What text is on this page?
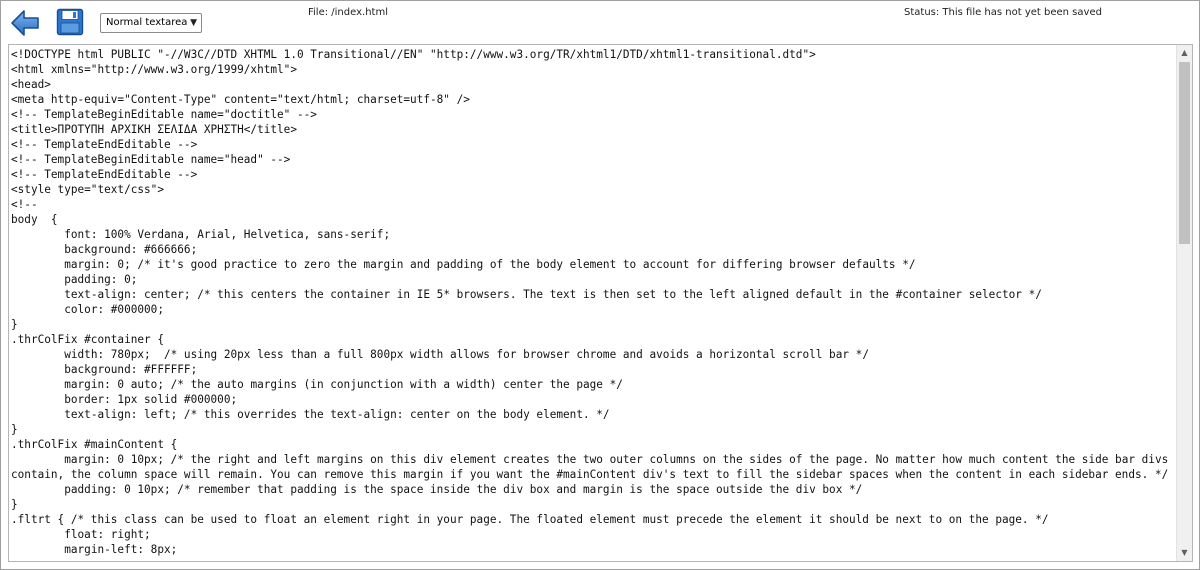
Normal textarea ▼
File: /index.html	Status: This file has not yet been saved
<!DOCTYPE html PUBLIC "-//W3C//DTD XHTML 1.0 Transitional//EN" "http://www.w3.org/TR/xhtml1/DTD/xhtml1-transitional.dtd">
<html xmlns="http://www.w3.org/1999/xhtml">
<head>
<meta http-equiv="Content-Type" content="text/html; charset=utf-8" />
<!-- TemplateBeginEditable name="doctitle" -->
<title>ΠΡΟΤΥΠΗ ΑΡΧΙΚΗ ΣΕΛΙΔΑ ΧΡΗΣΤΗ</title>
<!-- TemplateEndEditable -->
<!-- TemplateBeginEditable name="head" -->
<!-- TemplateEndEditable -->
<style type="text/css">
<!--
body  {
font: 100% Verdana, Arial, Helvetica, sans-serif;
background: #666666;
margin: 0; /* it's good practice to zero the margin and padding of the body element to account for differing browser defaults */
padding: 0;
text-align: center; /* this centers the container in IE 5* browsers. The text is then set to the left aligned default in the #container selector */
color: #000000;
}
.thrColFix #container {
width: 780px;  /* using 20px less than a full 800px width allows for browser chrome and avoids a horizontal scroll bar */
background: #FFFFFF;
margin: 0 auto; /* the auto margins (in conjunction with a width) center the page */
border: 1px solid #000000;
text-align: left; /* this overrides the text-align: center on the body element. */
}
.thrColFix #mainContent {
margin: 0 10px; /* the right and left margins on this div element creates the two outer columns on the sides of the page. No matter how much content the side bar divs contain, the column space will remain. You can remove this margin if you want the #mainContent div's text to fill the sidebar spaces when the content in each sidebar ends. */
padding: 0 10px; /* remember that padding is the space inside the div box and margin is the space outside the div box */
}
.fltrt { /* this class can be used to float an element right in your page. The floated element must precede the element it should be next to on the page. */
float: right;
margin-left: 8px;
▲
▼
